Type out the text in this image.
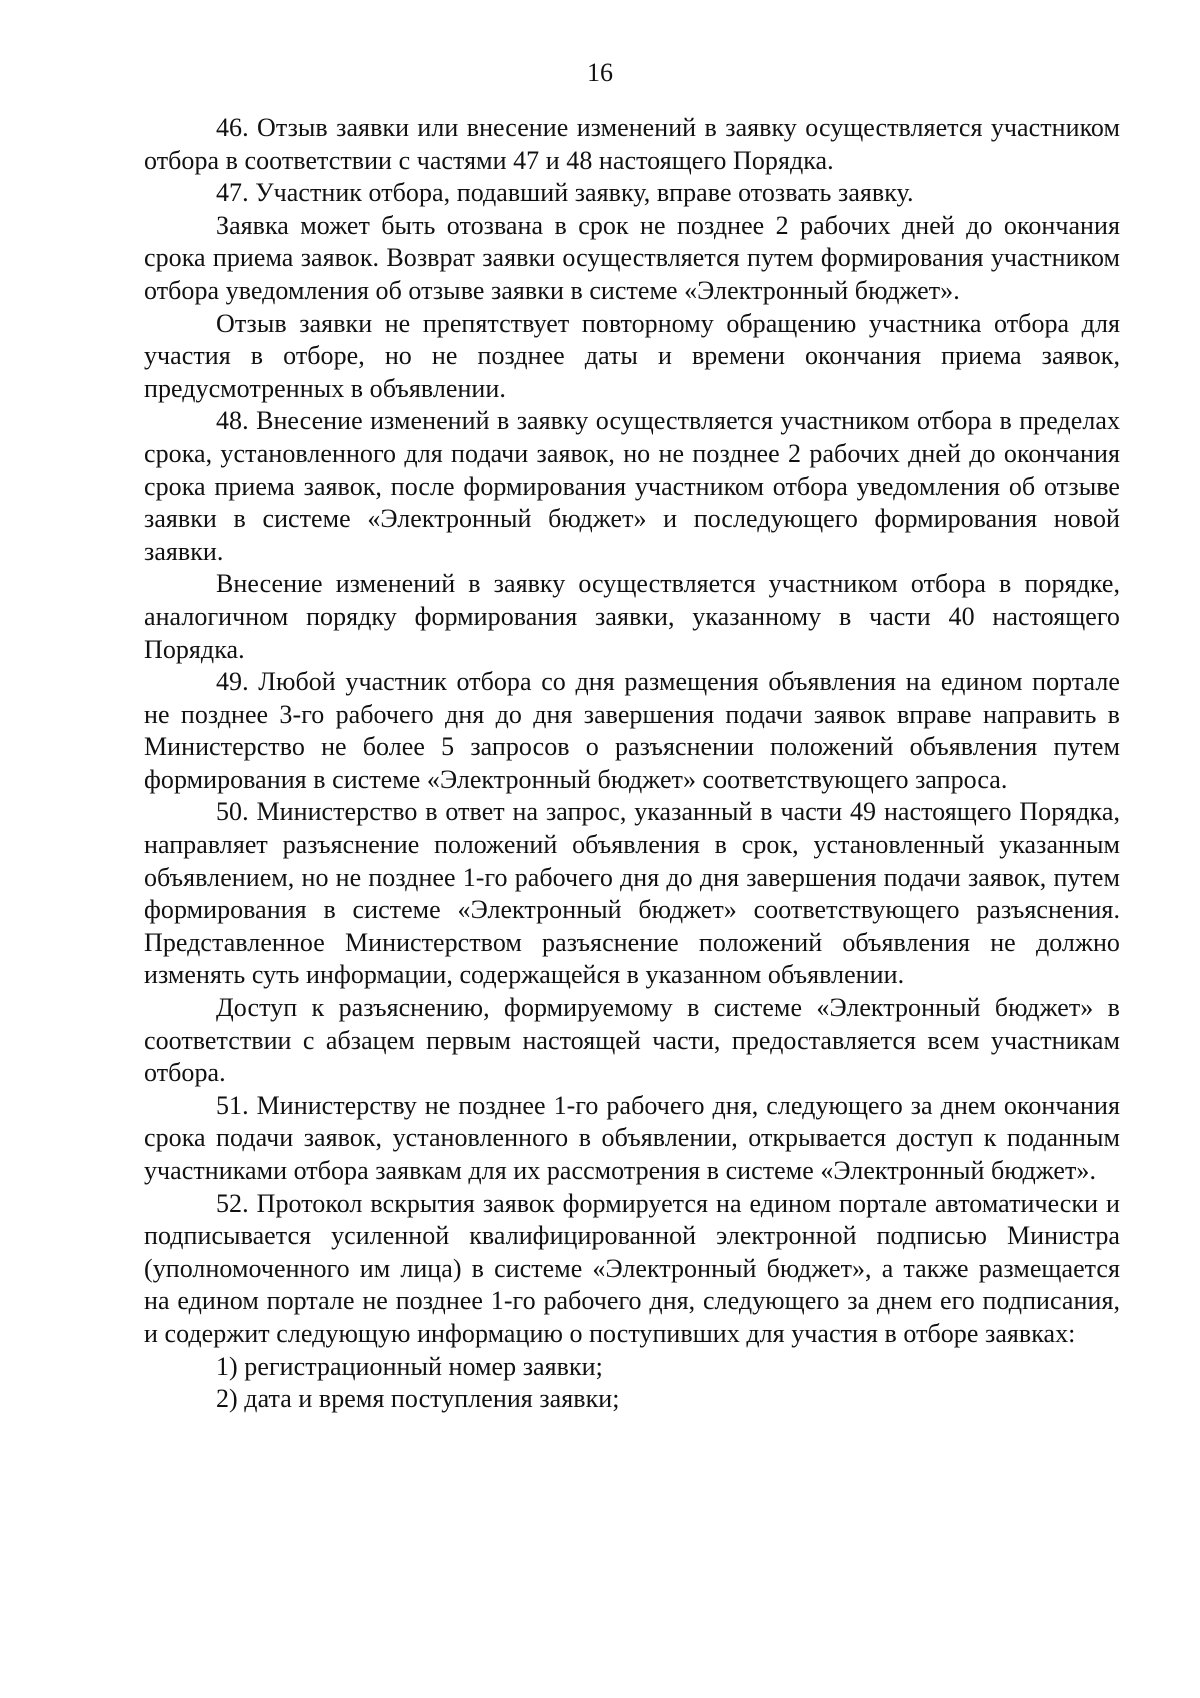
16

46. Отзыв заявки или внесение изменений в заявку осуществляется участником отбора в соответствии с частями 47 и 48 настоящего Порядка.

47. Участник отбора, подавший заявку, вправе отозвать заявку.

Заявка может быть отозвана в срок не позднее 2 рабочих дней до окончания срока приема заявок. Возврат заявки осуществляется путем формирования участником отбора уведомления об отзыве заявки в системе «Электронный бюджет».

Отзыв заявки не препятствует повторному обращению участника отбора для участия в отборе, но не позднее даты и времени окончания приема заявок, предусмотренных в объявлении.

48. Внесение изменений в заявку осуществляется участником отбора в пределах срока, установленного для подачи заявок, но не позднее 2 рабочих дней до окончания срока приема заявок, после формирования участником отбора уведомления об отзыве заявки в системе «Электронный бюджет» и последующего формирования новой заявки.

Внесение изменений в заявку осуществляется участником отбора в порядке, аналогичном порядку формирования заявки, указанному в части 40 настоящего Порядка.

49. Любой участник отбора со дня размещения объявления на едином портале не позднее 3-го рабочего дня до дня завершения подачи заявок вправе направить в Министерство не более 5 запросов о разъяснении положений объявления путем формирования в системе «Электронный бюджет» соответствующего запроса.

50. Министерство в ответ на запрос, указанный в части 49 настоящего Порядка, направляет разъяснение положений объявления в срок, установленный указанным объявлением, но не позднее 1-го рабочего дня до дня завершения подачи заявок, путем формирования в системе «Электронный бюджет» соответствующего разъяснения. Представленное Министерством разъяснение положений объявления не должно изменять суть информации, содержащейся в указанном объявлении.

Доступ к разъяснению, формируемому в системе «Электронный бюджет» в соответствии с абзацем первым настоящей части, предоставляется всем участникам отбора.

51. Министерству не позднее 1-го рабочего дня, следующего за днем окончания срока подачи заявок, установленного в объявлении, открывается доступ к поданным участниками отбора заявкам для их рассмотрения в системе «Электронный бюджет».

52. Протокол вскрытия заявок формируется на едином портале автоматически и подписывается усиленной квалифицированной электронной подписью Министра (уполномоченного им лица) в системе «Электронный бюджет», а также размещается на едином портале не позднее 1-го рабочего дня, следующего за днем его подписания, и содержит следующую информацию о поступивших для участия в отборе заявках:

1) регистрационный номер заявки;

2) дата и время поступления заявки;
